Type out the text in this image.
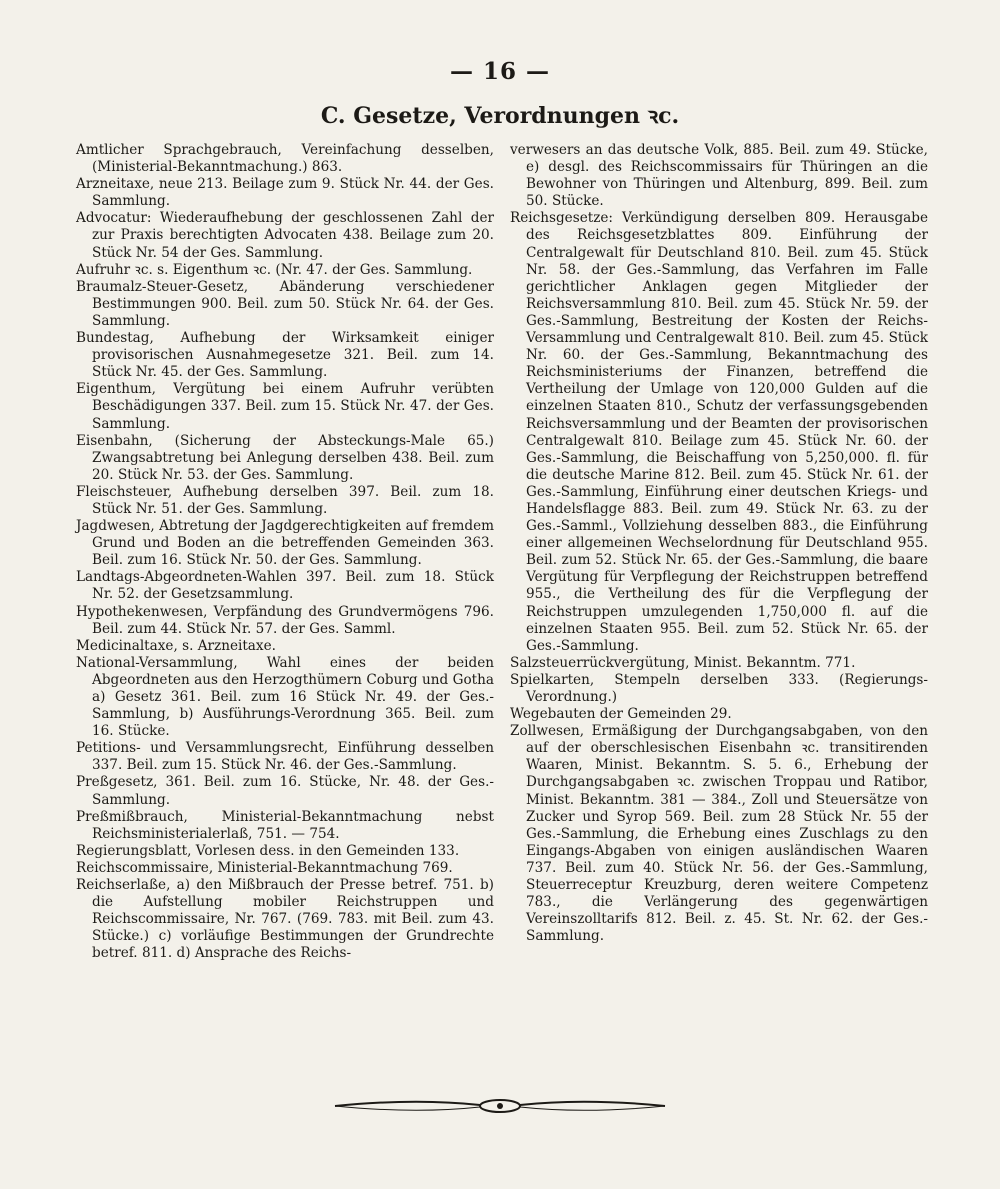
— 16 —
C. Gesetze, Verordnungen ꝛc.

Amtlicher Sprachgebrauch, Vereinfachung desselben, (Ministerial-Bekanntmachung.) 863.

Arzneitaxe, neue 213. Beilage zum 9. Stück Nr. 44. der Ges. Sammlung.

Advocatur: Wiederaufhebung der geschlossenen Zahl der zur Praxis berechtigten Advocaten 438. Beilage zum 20. Stück Nr. 54 der Ges. Sammlung.

Aufruhr ꝛc. s. Eigenthum ꝛc. (Nr. 47. der Ges. Sammlung.

Braumalz-Steuer-Gesetz, Abänderung verschiedener Bestimmungen 900. Beil. zum 50. Stück Nr. 64. der Ges. Sammlung.

Bundestag, Aufhebung der Wirksamkeit einiger provisorischen Ausnahmegesetze 321. Beil. zum 14. Stück Nr. 45. der Ges. Sammlung.

Eigenthum, Vergütung bei einem Aufruhr verübten Beschädigungen 337. Beil. zum 15. Stück Nr. 47. der Ges. Sammlung.

Eisenbahn, (Sicherung der Absteckungs-Male 65.) Zwangsabtretung bei Anlegung derselben 438. Beil. zum 20. Stück Nr. 53. der Ges. Sammlung.

Fleischsteuer, Aufhebung derselben 397. Beil. zum 18. Stück Nr. 51. der Ges. Sammlung.

Jagdwesen, Abtretung der Jagdgerechtigkeiten auf fremdem Grund und Boden an die betreffenden Gemeinden 363. Beil. zum 16. Stück Nr. 50. der Ges. Sammlung.

Landtags-Abgeordneten-Wahlen 397. Beil. zum 18. Stück Nr. 52. der Gesetzsammlung.

Hypothekenwesen, Verpfändung des Grundvermögens 796. Beil. zum 44. Stück Nr. 57. der Ges. Samml.

Medicinaltaxe, s. Arzneitaxe.

National-Versammlung, Wahl eines der beiden Abgeordneten aus den Herzogthümern Coburg und Gotha a) Gesetz 361. Beil. zum 16 Stück Nr. 49. der Ges.-Sammlung, b) Ausführungs-Verordnung 365. Beil. zum 16. Stücke.

Petitions- und Versammlungsrecht, Einführung desselben 337. Beil. zum 15. Stück Nr. 46. der Ges.-Sammlung.

Preßgesetz, 361. Beil. zum 16. Stücke, Nr. 48. der Ges.-Sammlung.

Preßmißbrauch, Ministerial-Bekanntmachung nebst Reichsministerialerlaß, 751. — 754.

Regierungsblatt, Vorlesen dess. in den Gemeinden 133.

Reichscommissaire, Ministerial-Bekanntmachung 769.

Reichserlaße, a) den Mißbrauch der Presse betref. 751. b) die Aufstellung mobiler Reichstruppen und Reichscommissaire, Nr. 767. (769. 783. mit Beil. zum 43. Stücke.) c) vorläufige Bestimmungen der Grundrechte betref. 811. d) Ansprache des Reichs-

verwesers an das deutsche Volk, 885. Beil. zum 49. Stücke, e) desgl. des Reichscommissairs für Thüringen an die Bewohner von Thüringen und Altenburg, 899. Beil. zum 50. Stücke.

Reichsgesetze: Verkündigung derselben 809. Herausgabe des Reichsgesetzblattes 809. Einführung der Centralgewalt für Deutschland 810. Beil. zum 45. Stück Nr. 58. der Ges.-Sammlung, das Verfahren im Falle gerichtlicher Anklagen gegen Mitglieder der Reichsversammlung 810. Beil. zum 45. Stück Nr. 59. der Ges.-Sammlung, Bestreitung der Kosten der Reichs-Versammlung und Centralgewalt 810. Beil. zum 45. Stück Nr. 60. der Ges.-Sammlung, Bekanntmachung des Reichsministeriums der Finanzen, betreffend die Vertheilung der Umlage von 120,000 Gulden auf die einzelnen Staaten 810., Schutz der verfassungsgebenden Reichsversammlung und der Beamten der provisorischen Centralgewalt 810. Beilage zum 45. Stück Nr. 60. der Ges.-Sammlung, die Beischaffung von 5,250,000. fl. für die deutsche Marine 812. Beil. zum 45. Stück Nr. 61. der Ges.-Sammlung, Einführung einer deutschen Kriegs- und Handelsflagge 883. Beil. zum 49. Stück Nr. 63. zu der Ges.-Samml., Vollziehung desselben 883., die Einführung einer allgemeinen Wechselordnung für Deutschland 955. Beil. zum 52. Stück Nr. 65. der Ges.-Sammlung, die baare Vergütung für Verpflegung der Reichstruppen betreffend 955., die Vertheilung des für die Verpflegung der Reichstruppen umzulegenden 1,750,000 fl. auf die einzelnen Staaten 955. Beil. zum 52. Stück Nr. 65. der Ges.-Sammlung.

Salzsteuerrückvergütung, Minist. Bekanntm. 771.

Spielkarten, Stempeln derselben 333. (Regierungs-Verordnung.)

Wegebauten der Gemeinden 29.

Zollwesen, Ermäßigung der Durchgangsabgaben, von den auf der oberschlesischen Eisenbahn ꝛc. transitirenden Waaren, Minist. Bekanntm. S. 5. 6., Erhebung der Durchgangsabgaben ꝛc. zwischen Troppau und Ratibor, Minist. Bekanntm. 381 — 384., Zoll und Steuersätze von Zucker und Syrop 569. Beil. zum 28 Stück Nr. 55 der Ges.-Sammlung, die Erhebung eines Zuschlags zu den Eingangs-Abgaben von einigen ausländischen Waaren 737. Beil. zum 40. Stück Nr. 56. der Ges.-Sammlung, Steuerreceptur Kreuzburg, deren weitere Competenz 783., die Verlängerung des gegenwärtigen Vereinszolltarifs 812. Beil. z. 45. St. Nr. 62. der Ges.-Sammlung.
